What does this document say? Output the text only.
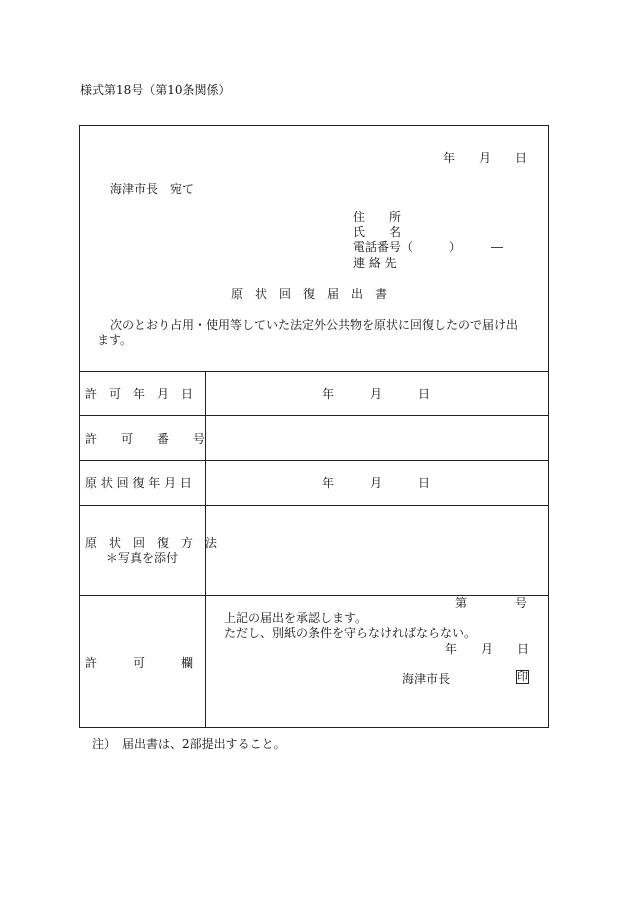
様式第18号（第10条関係）
年　　月　　日
海津市長　宛て
住　　所
氏　　名
電話番号（　　　）　　　―
連 絡 先
原　状　回　復　届　出　書
次のとおり占用・使用等していた法定外公共物を原状に回復したので届け出
ます。
許　可　年　月　日	年　　　月　　　日
許　　可　　番　　号
原 状 回 復 年 月 日	年　　　月　　　日
原　状　回　復　方　法
＊写真を添付
許　　　可　　　欄
第　　　　号
上記の届出を承認します。
ただし、別紙の条件を守らなければならない。
年　　月　　日
海津市長	印
注）　届出書は、2部提出すること。
